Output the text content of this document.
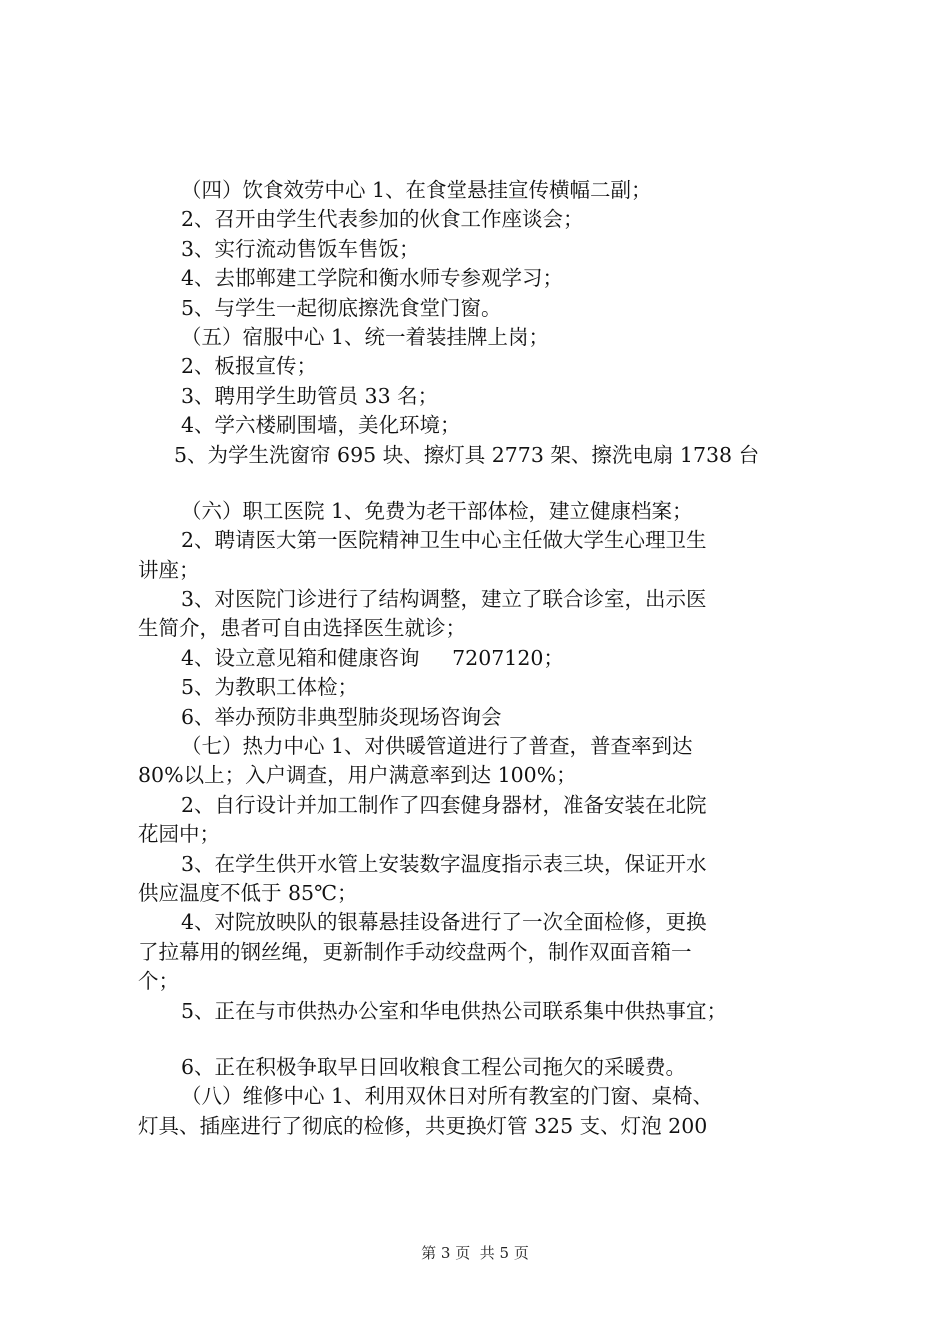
（四）饮食效劳中心 1、在食堂悬挂宣传横幅二副；
2、召开由学生代表参加的伙食工作座谈会；
3、实行流动售饭车售饭；
4、去邯郸建工学院和衡水师专参观学习；
5、与学生一起彻底擦洗食堂门窗。
（五）宿服中心 1、统一着装挂牌上岗；
2、板报宣传；
3、聘用学生助管员 33 名；
4、学六楼刷围墙，美化环境；
5、为学生洗窗帘 695 块、擦灯具 2773 架、擦洗电扇 1738 台
（六）职工医院 1、免费为老干部体检，建立健康档案；
2、聘请医大第一医院精神卫生中心主任做大学生心理卫生
讲座；
3、对医院门诊进行了结构调整，建立了联合诊室，出示医
生简介，患者可自由选择医生就诊；
4、设立意见箱和健康咨询     7207120；
5、为教职工体检；
6、举办预防非典型肺炎现场咨询会
（七）热力中心 1、对供暖管道进行了普查，普查率到达
80%以上；入户调查，用户满意率到达 100%；
2、自行设计并加工制作了四套健身器材，准备安装在北院
花园中；
3、在学生供开水管上安装数字温度指示表三块，保证开水
供应温度不低于 85℃；
4、对院放映队的银幕悬挂设备进行了一次全面检修，更换
了拉幕用的钢丝绳，更新制作手动绞盘两个，制作双面音箱一
个；
5、正在与市供热办公室和华电供热公司联系集中供热事宜；
6、正在积极争取早日回收粮食工程公司拖欠的采暖费。
（八）维修中心 1、利用双休日对所有教室的门窗、桌椅、
灯具、插座进行了彻底的检修，共更换灯管 325 支、灯泡 200
第 3 页  共 5 页
